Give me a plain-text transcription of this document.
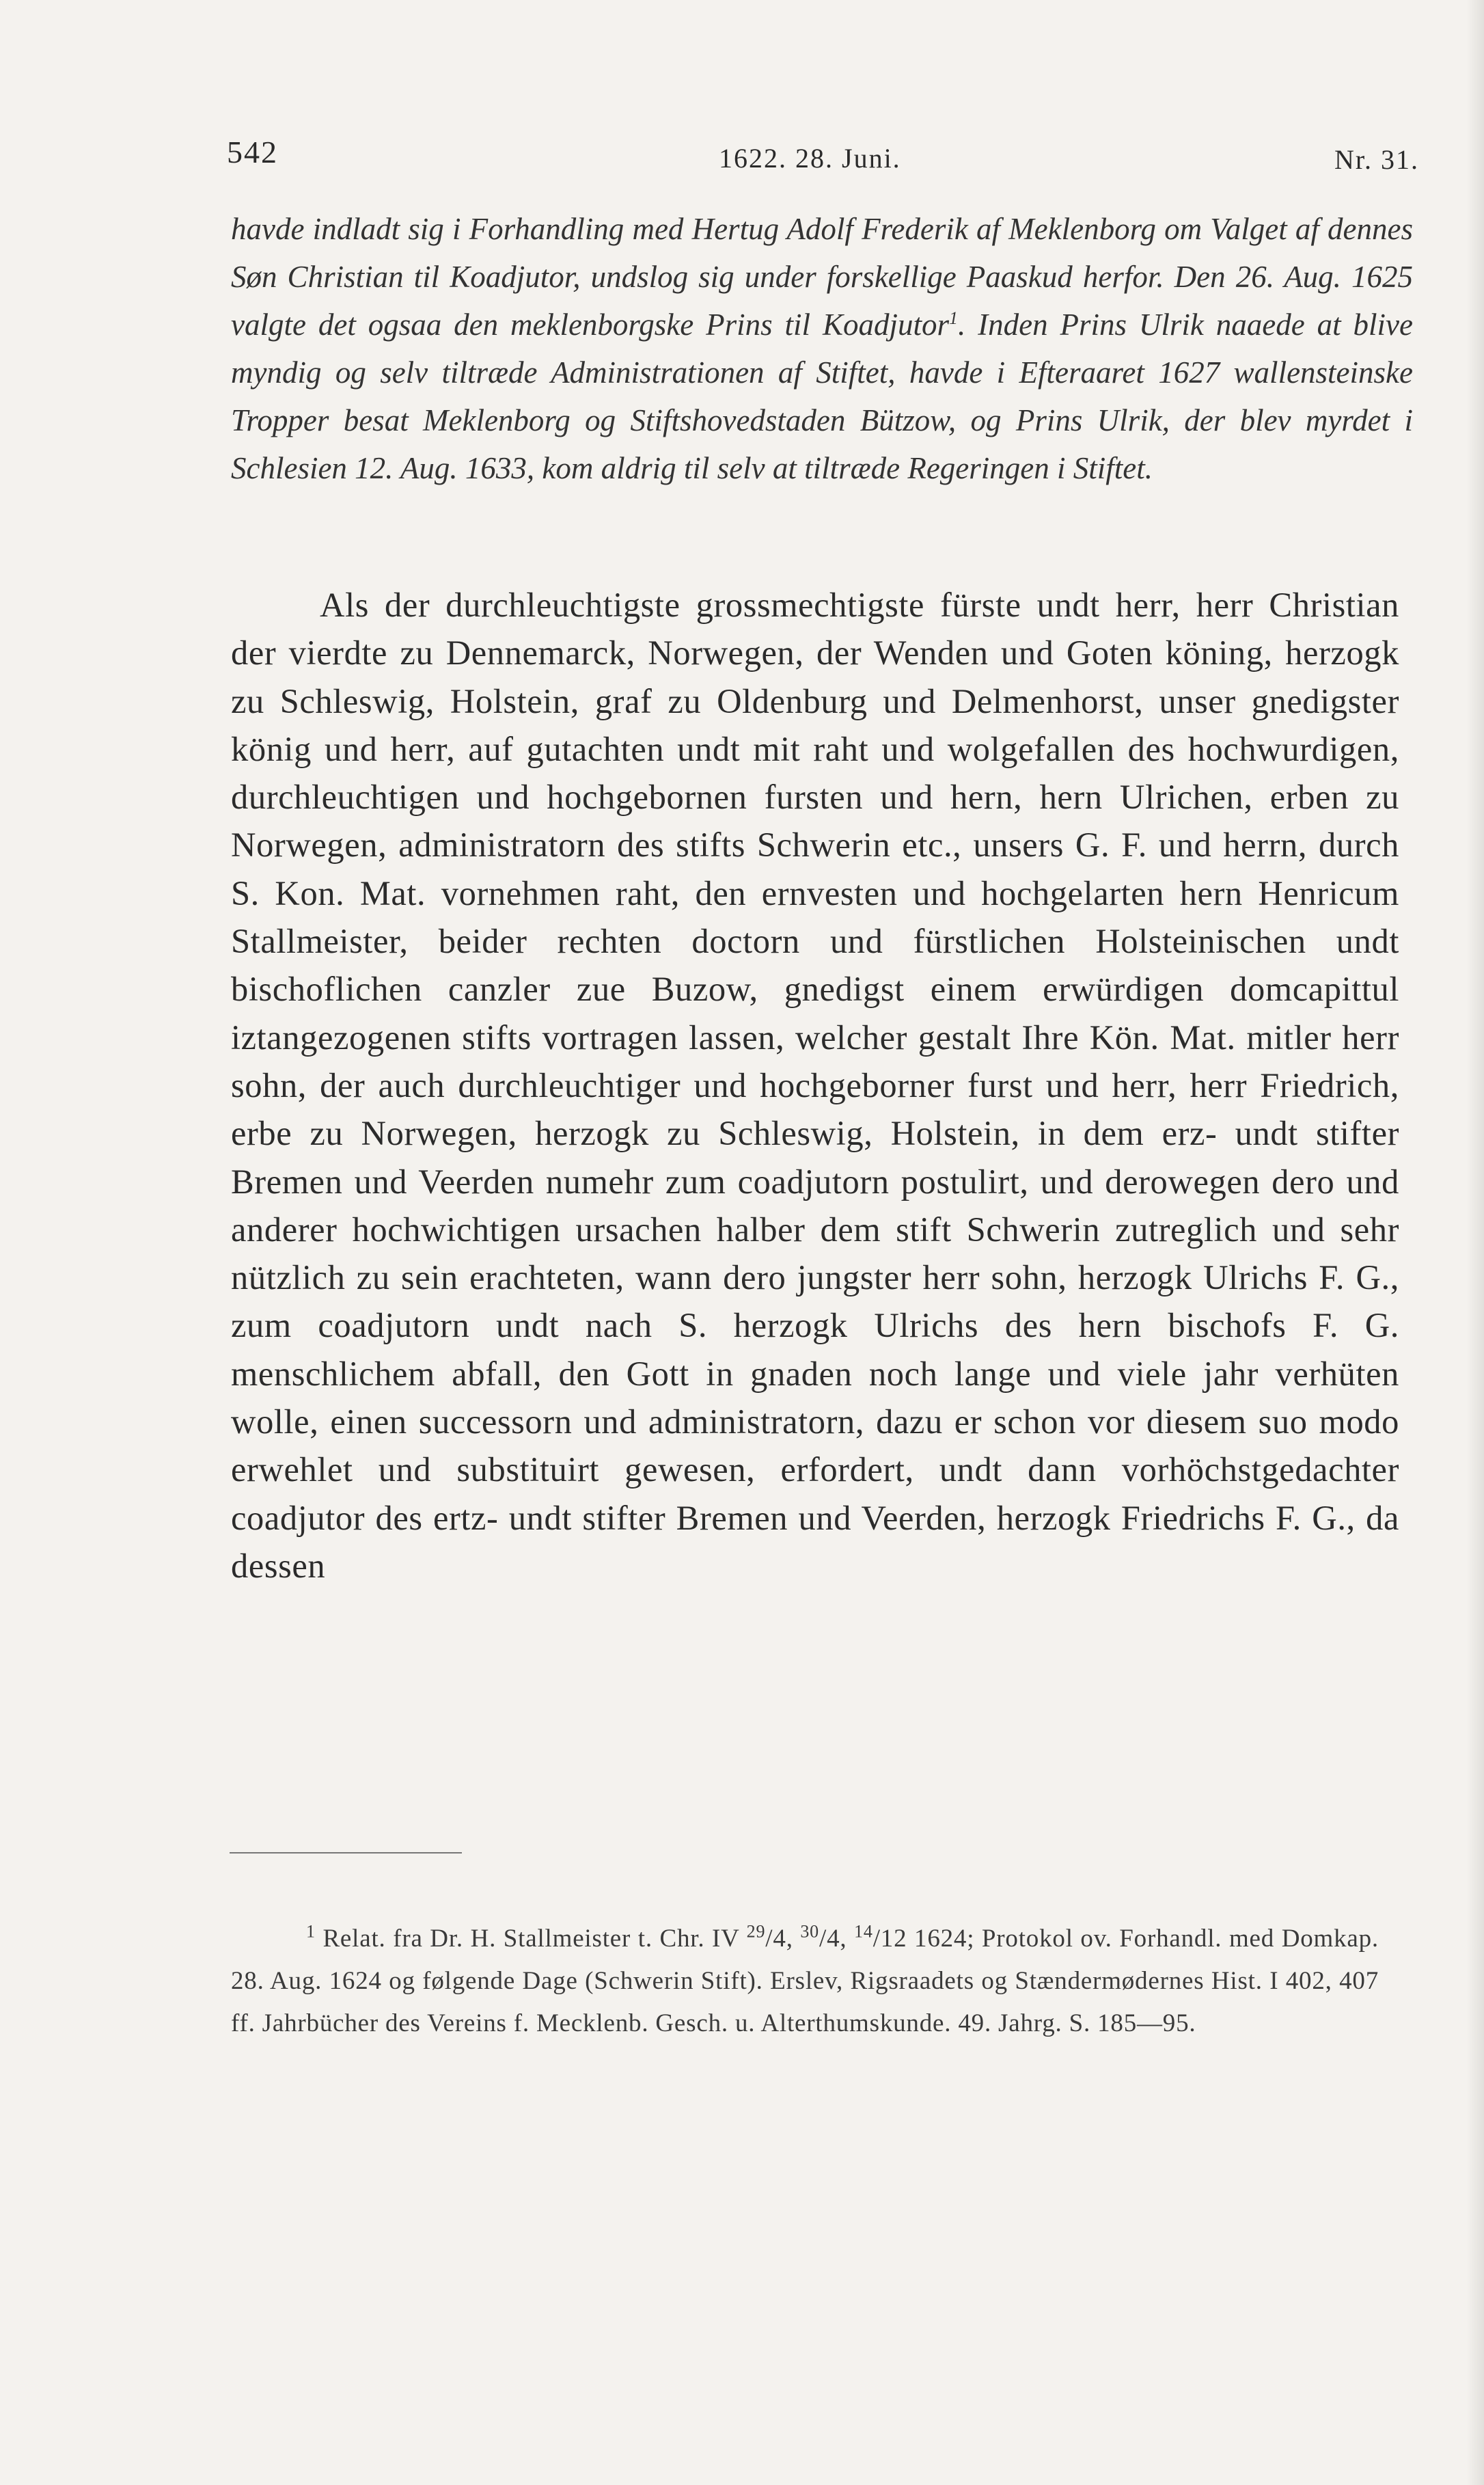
542	1622. 28. Juni.	Nr. 31.
havde indladt sig i Forhandling med Hertug Adolf Frederik af Meklenborg om Valget af dennes Søn Christian til Koadjutor, undslog sig under forskellige Paaskud herfor. Den 26. Aug. 1625 valgte det ogsaa den meklenborgske Prins til Koadjutor$^1$. Inden Prins Ulrik naaede at blive myndig og selv tiltræde Administrationen af Stiftet, havde i Efteraaret 1627 wallensteinske Tropper besat Meklenborg og Stiftshovedstaden Bützow, og Prins Ulrik, der blev myrdet i Schlesien 12. Aug. 1633, kom aldrig til selv at tiltræde Regeringen i Stiftet.

Als der durchleuchtigste grossmechtigste fürste undt herr, herr Christian der vierdte zu Dennemarck, Norwegen, der Wenden und Goten köning, herzogk zu Schleswig, Holstein, graf zu Oldenburg und Delmenhorst, unser gnedigster könig und herr, auf gutachten undt mit raht und wolgefallen des hochwurdigen, durchleuchtigen und hochgebornen fursten und hern, hern Ulrichen, erben zu Norwegen, administratorn des stifts Schwerin etc., unsers G. F. und herrn, durch S. Kon. Mat. vornehmen raht, den ernvesten und hochgelarten hern Henricum Stallmeister, beider rechten doctorn und fürstlichen Holsteinischen undt bischoflichen canzler zue Buzow, gnedigst einem erwürdigen domcapittul iztangezogenen stifts vortragen lassen, welcher gestalt Ihre Kön. Mat. mitler herr sohn, der auch durchleuchtiger und hochgeborner furst und herr, herr Friedrich, erbe zu Norwegen, herzogk zu Schleswig, Holstein, in dem erz- undt stifter Bremen und Veerden numehr zum coadjutorn postulirt, und derowegen dero und anderer hochwichtigen ursachen halber dem stift Schwerin zutreglich und sehr nützlich zu sein erachteten, wann dero jungster herr sohn, herzogk Ulrichs F. G., zum coadjutorn undt nach S. herzogk Ulrichs des hern bischofs F. G. menschlichem abfall, den Gott in gnaden noch lange und viele jahr verhüten wolle, einen successorn und administratorn, dazu er schon vor diesem suo modo erwehlet und substituirt gewesen, erfordert, undt dann vorhöchstgedachter coadjutor des ertz- undt stifter Bremen und Veerden, herzogk Friedrichs F. G., da dessen

$^1$ Relat. fra Dr. H. Stallmeister t. Chr. IV $^{29}$/4, $^{30}$/4, $^{14}$/12 1624; Protokol ov. Forhandl. med Domkap. 28. Aug. 1624 og følgende Dage (Schwerin Stift). Erslev, Rigsraadets og Stændermødernes Hist. I 402, 407 ff. Jahrbücher des Vereins f. Mecklenb. Gesch. u. Alterthumskunde. 49. Jahrg. S. 185—95.
